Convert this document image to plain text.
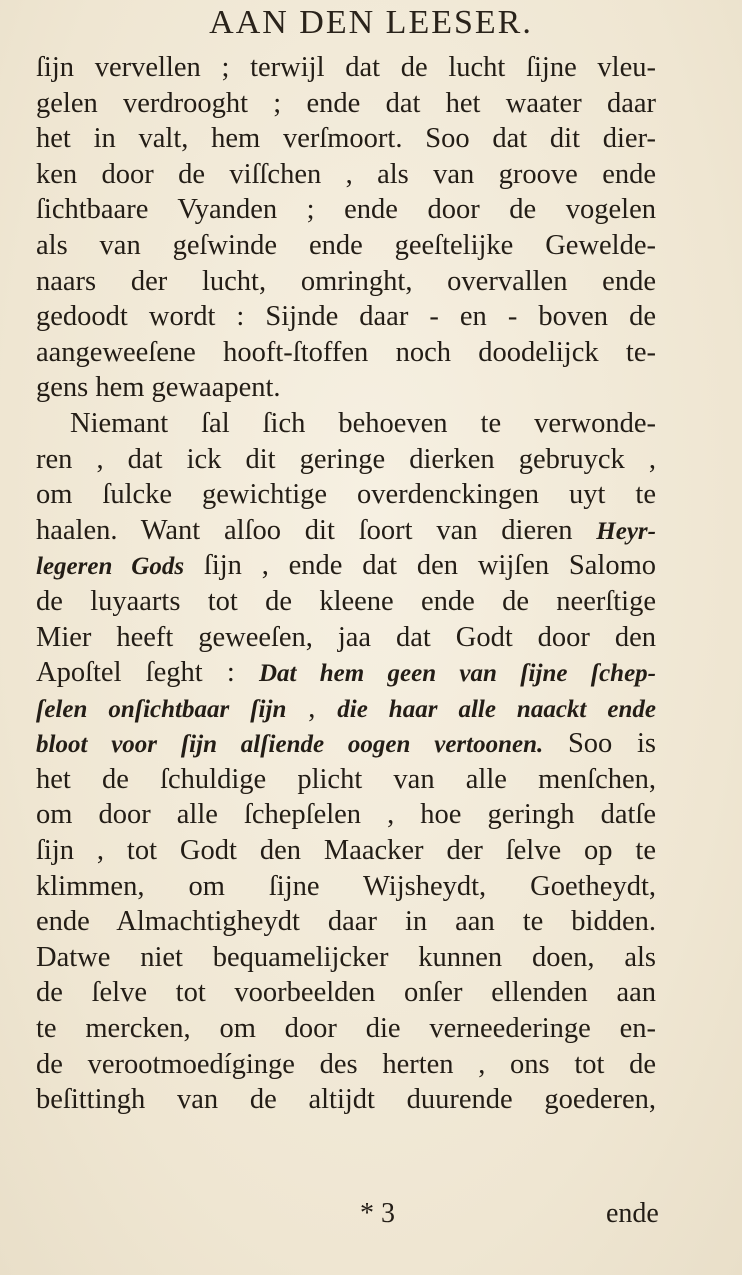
AAN DEN LEESER.
ſijn vervellen ; terwijl dat de lucht ſijne vleu-
gelen verdrooght ; ende dat het waater daar
het in valt, hem verſmoort. Soo dat dit dier-
ken door de viſſchen , als van groove ende
ſichtbaare Vyanden ; ende door de vogelen
als van geſwinde ende geeſtelijke Gewelde-
naars der lucht, omringht, overvallen ende
gedoodt wordt : Sijnde daar - en - boven de
aangeweeſene hooft-ſtoffen noch doodelijck te-
gens hem gewaapent.
Niemant ſal ſich behoeven te verwonde-
ren , dat ick dit geringe dierken gebruyck ,
om ſulcke gewichtige overdenckingen uyt te
haalen. Want alſoo dit ſoort van dieren Heyr-
legeren Gods ſijn , ende dat den wijſen Salomo
de luyaarts tot de kleene ende de neerſtige
Mier heeft geweeſen, jaa dat Godt door den
Apoſtel ſeght : Dat hem geen van ſijne ſchep-
ſelen onſichtbaar ſijn , die haar alle naackt ende
bloot voor ſijn alſiende oogen vertoonen. Soo is
het de ſchuldige plicht van alle menſchen,
om door alle ſchepſelen , hoe geringh datſe
ſijn , tot Godt den Maacker der ſelve op te
klimmen, om ſijne Wijsheydt, Goetheydt,
ende Almachtigheydt daar in aan te bidden.
Datwe niet bequamelijcker kunnen doen, als
de ſelve tot voorbeelden onſer ellenden aan
te mercken, om door die verneederinge en-
de verootmoedíginge des herten , ons tot de
beſittingh van de altijdt duurende goederen,
* 3	ende
